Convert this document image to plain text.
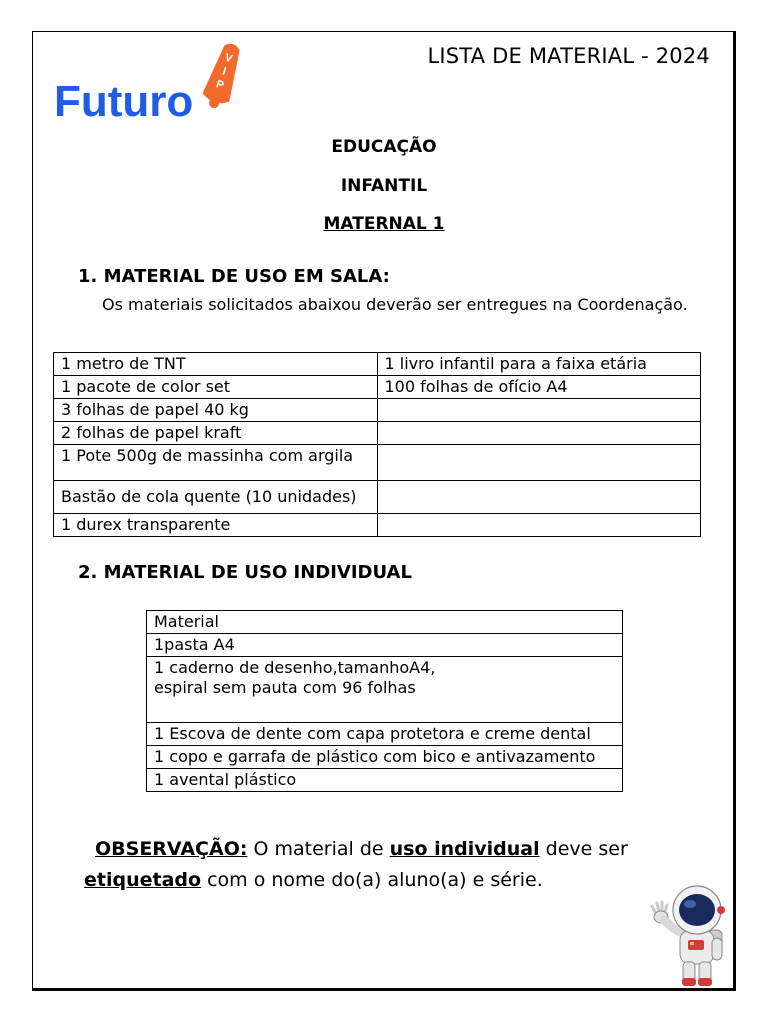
Futuro
V
I
P
LISTA DE MATERIAL - 2024
EDUCAÇÃO
INFANTIL
MATERNAL 1
1. MATERIAL DE USO EM SALA:
Os materiais solicitados abaixou deverão ser entregues na Coordenação.
1 metro de TNT	1 livro infantil para a faixa etária
1 pacote de color set	100 folhas de ofício A4
3 folhas de papel 40 kg	
2 folhas de papel kraft	
1 Pote 500g de massinha com argila	
Bastão de cola quente (10 unidades)	
1 durex transparente	
2. MATERIAL DE USO INDIVIDUAL
Material
1pasta A4
1 caderno de desenho,tamanhoA4,
espiral sem pauta com 96 folhas
1 Escova de dente com capa protetora e creme dental
1 copo e garrafa de plástico com bico e antivazamento
1 avental plástico
OBSERVAÇÃO: O material de uso individual deve ser etiquetado com o nome do(a) aluno(a) e série.
